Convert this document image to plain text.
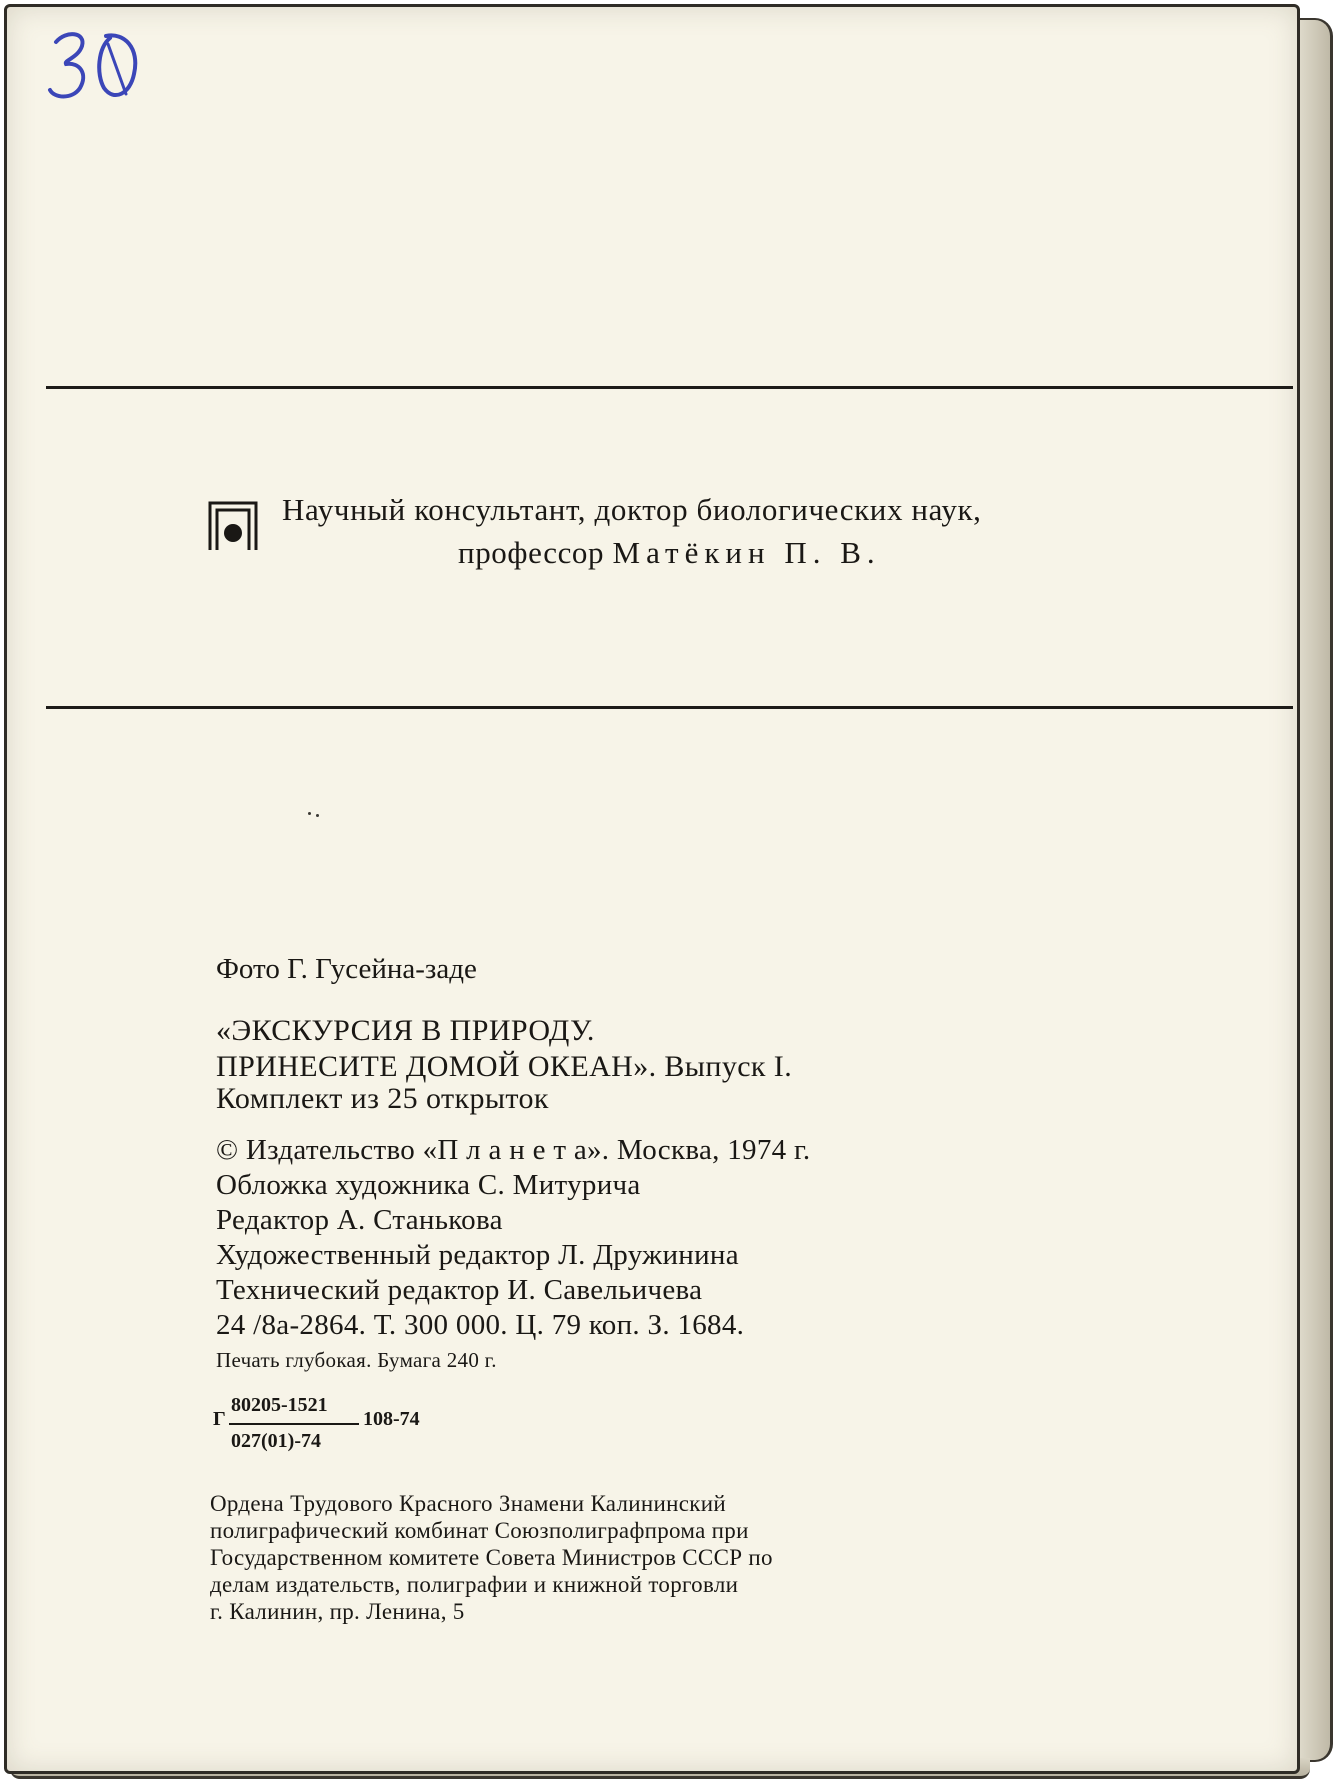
Научный консультант, доктор биологических наук,
профессор Матёкин П. В.
Фото Г. Гусейна-заде
«ЭКСКУРСИЯ В ПРИРОДУ.
ПРИНЕСИТЕ ДОМОЙ ОКЕАН». Выпуск I.
Комплект из 25 открыток
© Издательство «П л а н е т а». Москва, 1974 г.
Обложка художника С. Митурича
Редактор А. Станькова
Художественный редактор Л. Дружинина
Технический редактор И. Савельичева
24 /8а-2864. Т. 300 000. Ц. 79 коп. З. 1684.
Печать глубокая. Бумага 240 г.
Г
80205-1521
027(01)-74
108-74
Ордена Трудового Красного Знамени Калининский
полиграфический комбинат Союзполиграфпрома при
Государственном комитете Совета Министров СССР по
делам издательств, полиграфии и книжной торговли
г. Калинин, пр. Ленина, 5
